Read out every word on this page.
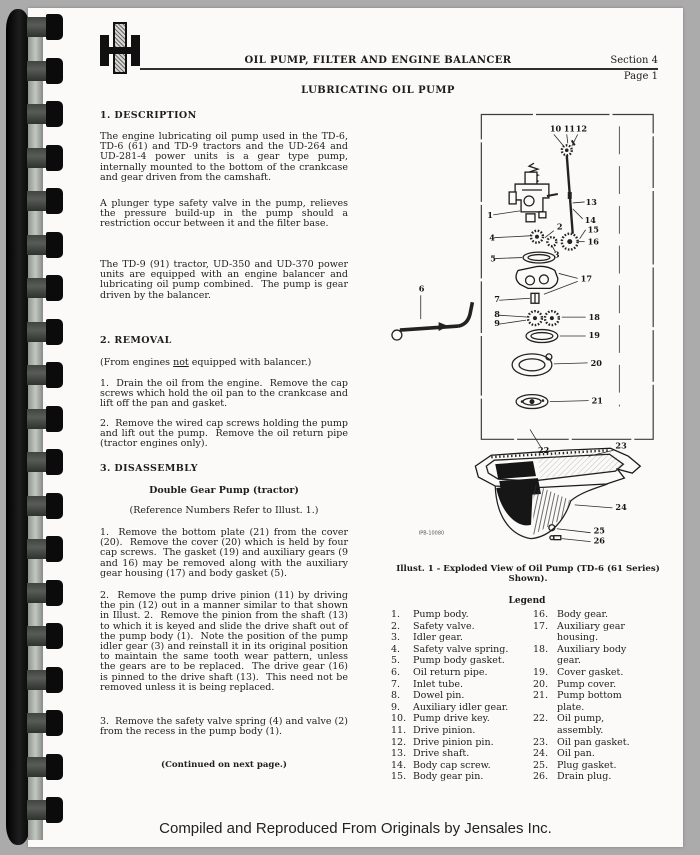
OIL PUMP, FILTER AND ENGINE BALANCER	Section 4
Page 1
LUBRICATING OIL PUMP
1. DESCRIPTION
The engine lubricating oil pump used in the TD-6, TD-6 (61) and TD-9 tractors and the UD-264 and UD-281-4 power units is a gear type pump, internally mounted to the bottom of the crankcase and gear driven from the camshaft.
A plunger type safety valve in the pump, relieves the pressure build-up in the pump should a restriction occur between it and the filter base.
The TD-9 (91) tractor, UD-350 and UD-370 power units are equipped with an engine balancer and lubricating oil pump combined.  The pump is gear driven by the balancer.
2. REMOVAL
(From engines not equipped with balancer.)
1.  Drain the oil from the engine.  Remove the cap screws which hold the oil pan to the crankcase and lift off the pan and gasket.
2.  Remove the wired cap screws holding the pump and lift out the pump.  Remove the oil return pipe (tractor engines only).
3. DISASSEMBLY
Double Gear Pump (tractor)
(Reference Numbers Refer to Illust. 1.)
1.  Remove the bottom plate (21) from the cover (20).  Remove the cover (20) which is held by four cap screws.  The gasket (19) and auxiliary gears (9 and 16) may be removed along with the auxiliary gear housing (17) and body gasket (5).
2.  Remove the pump drive pinion (11) by driving the pin (12) out in a manner similar to that shown in Illust. 2.  Remove the pinion from the shaft (13) to which it is keyed and slide the drive shaft out of the pump body (1).  Note the position of the pump idler gear (3) and reinstall it in its original position to maintain the same tooth wear pattern, unless the gears are to be replaced.  The drive gear (16) is pinned to the drive shaft (13).  This need not be removed unless it is being replaced.
3.  Remove the safety valve spring (4) and valve (2) from the recess in the pump body (1).
(Continued on next page.)
IPB-10080
10 11 12
13
1	14
2	15
4	16
3
5
17
7
8
9
18
19
20
21
22	23
24
25
26
6
Illust. 1 - Exploded View of Oil Pump (TD-6 (61 Series) Shown).
Legend
1.	Pump body.
2.	Safety valve.
3.	Idler gear.
4.	Safety valve spring.
5.	Pump body gasket.
6.	Oil return pipe.
7.	Inlet tube.
8.	Dowel pin.
9.	Auxiliary idler gear.
10. Pump drive key.
11. Drive pinion.
12. Drive pinion pin.
13. Drive shaft.
14. Body cap screw.
15. Body gear pin.
16. Body gear.
17. Auxiliary gear housing.
18. Auxiliary body gear.
19. Cover gasket.
20. Pump cover.
21. Pump bottom plate.
22. Oil pump, assembly.
23. Oil pan gasket.
24. Oil pan.
25. Plug gasket.
26. Drain plug.
Compiled and Reproduced From Originals by Jensales Inc.
